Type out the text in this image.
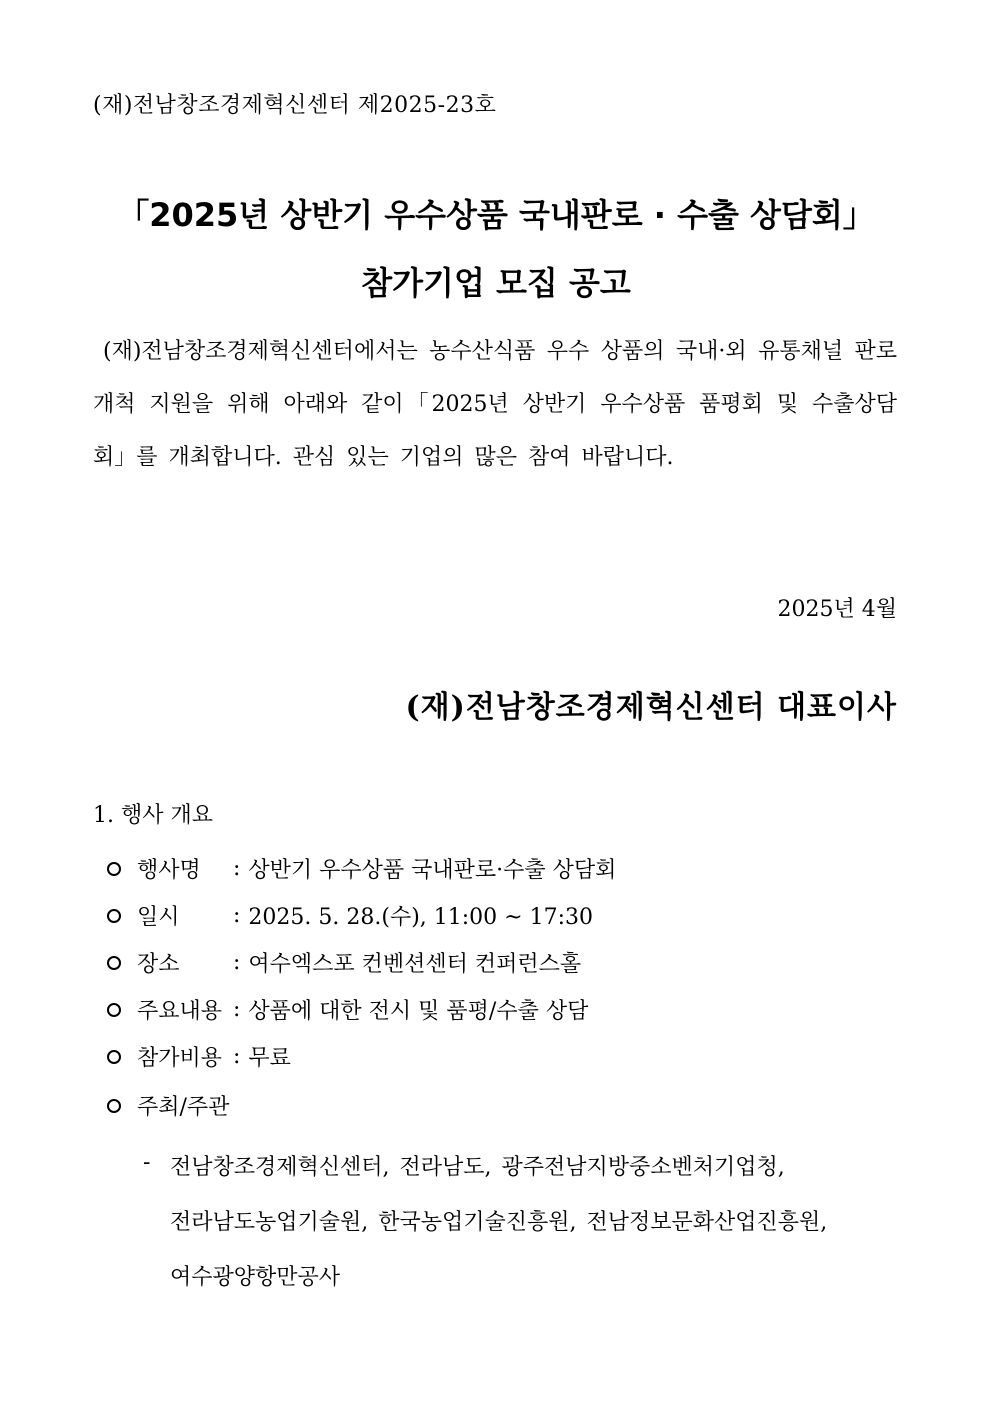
(재)전남창조경제혁신센터 제2025-23호
「2025년 상반기 우수상품 국내판로 · 수출 상담회」
참가기업 모집 공고
(재)전남창조경제혁신센터에서는 농수산식품 우수 상품의 국내·외 유통채널 판로개척 지원을 위해 아래와 같이「2025년 상반기 우수상품 품평회 및 수출상담회」를 개최합니다. 관심 있는 기업의 많은 참여 바랍니다.
2025년 4월
(재)전남창조경제혁신센터 대표이사
1. 행사 개요
행사명	: 상반기 우수상품 국내판로·수출 상담회
일시	: 2025. 5. 28.(수), 11:00 ~ 17:30
장소	: 여수엑스포 컨벤션센터 컨퍼런스홀
주요내용 : 상품에 대한 전시 및 품평/수출 상담
참가비용 : 무료
주최/주관
- 전남창조경제혁신센터, 전라남도, 광주전남지방중소벤처기업청,
전라남도농업기술원, 한국농업기술진흥원, 전남정보문화산업진흥원,
여수광양항만공사
